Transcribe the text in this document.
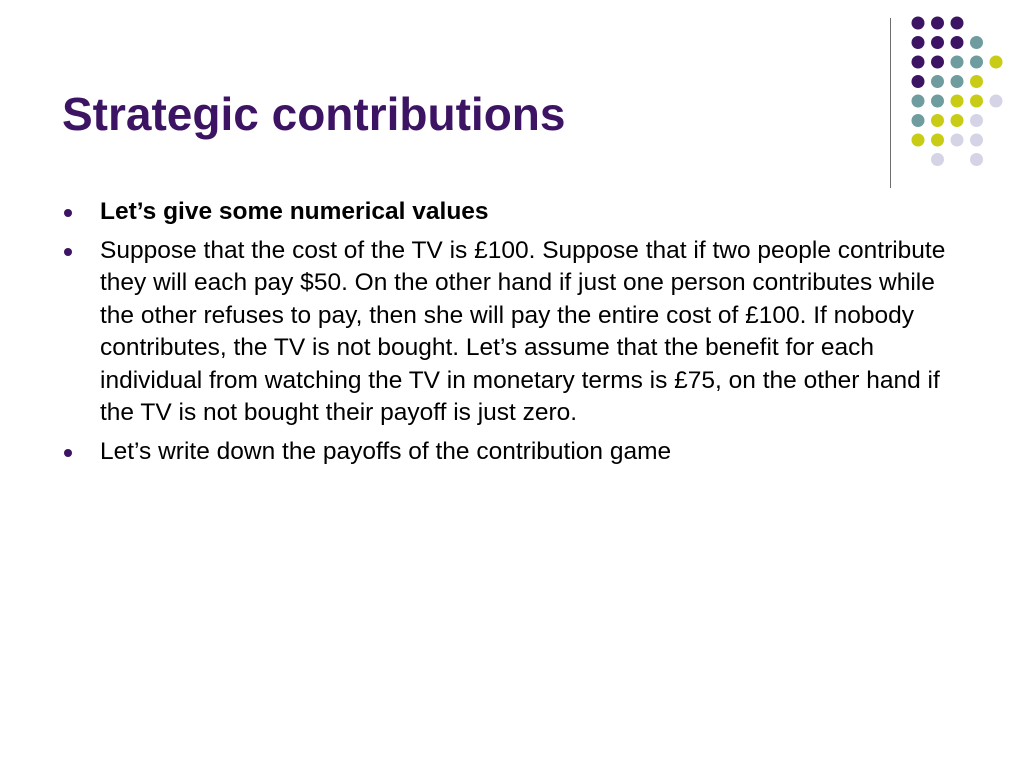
Strategic contributions
Let’s give some numerical values
Suppose that the cost of the TV is £100. Suppose that if two people contribute they will each pay $50. On the other hand if just one person contributes while the other refuses to pay, then she will pay the entire cost of £100. If nobody contributes, the TV is not bought. Let’s assume that the benefit for each individual from watching the TV in monetary terms is £75, on the other hand if the TV is not bought their payoff is just zero.
Let’s write down the payoffs of the contribution game
